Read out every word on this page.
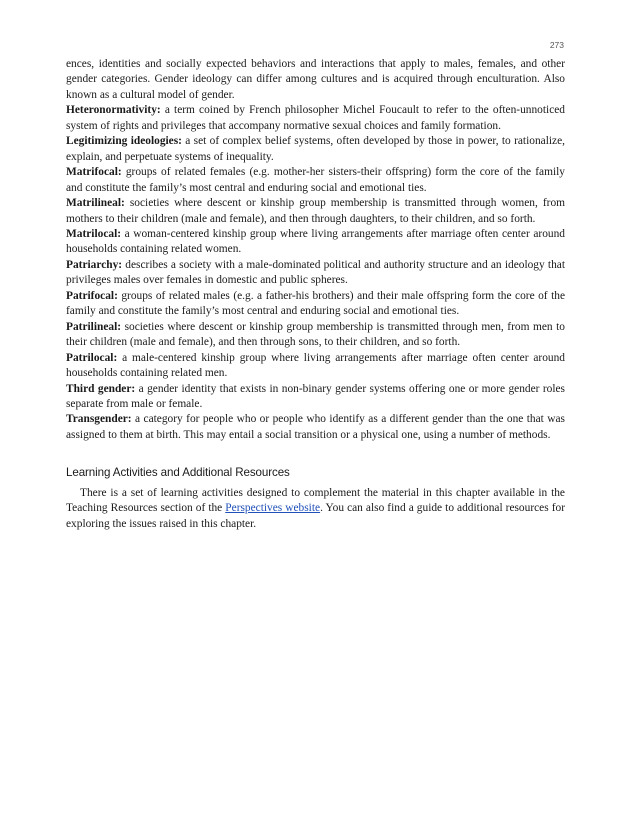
273

ences, identities and socially expected behaviors and interactions that apply to males, females, and other gender categories. Gender ideology can differ among cultures and is acquired through enculturation. Also known as a cultural model of gender.

Heteronormativity: a term coined by French philosopher Michel Foucault to refer to the often-unnoticed system of rights and privileges that accompany normative sexual choices and family formation.

Legitimizing ideologies: a set of complex belief systems, often developed by those in power, to rationalize, explain, and perpetuate systems of inequality.

Matrifocal: groups of related females (e.g. mother-her sisters-their offspring) form the core of the family and constitute the family’s most central and enduring social and emotional ties.

Matrilineal: societies where descent or kinship group membership is transmitted through women, from mothers to their children (male and female), and then through daughters, to their children, and so forth.

Matrilocal: a woman-centered kinship group where living arrangements after marriage often center around households containing related women.

Patriarchy: describes a society with a male-dominated political and authority structure and an ideology that privileges males over females in domestic and public spheres.

Patrifocal: groups of related males (e.g. a father-his brothers) and their male offspring form the core of the family and constitute the family’s most central and enduring social and emotional ties.

Patrilineal: societies where descent or kinship group membership is transmitted through men, from men to their children (male and female), and then through sons, to their children, and so forth.

Patrilocal: a male-centered kinship group where living arrangements after marriage often center around households containing related men.

Third gender: a gender identity that exists in non-binary gender systems offering one or more gender roles separate from male or female.

Transgender: a category for people who or people who identify as a different gender than the one that was assigned to them at birth. This may entail a social transition or a physical one, using a number of methods.

Learning Activities and Additional Resources

There is a set of learning activities designed to complement the material in this chapter available in the Teaching Resources section of the Perspectives website. You can also find a guide to additional resources for exploring the issues raised in this chapter.
